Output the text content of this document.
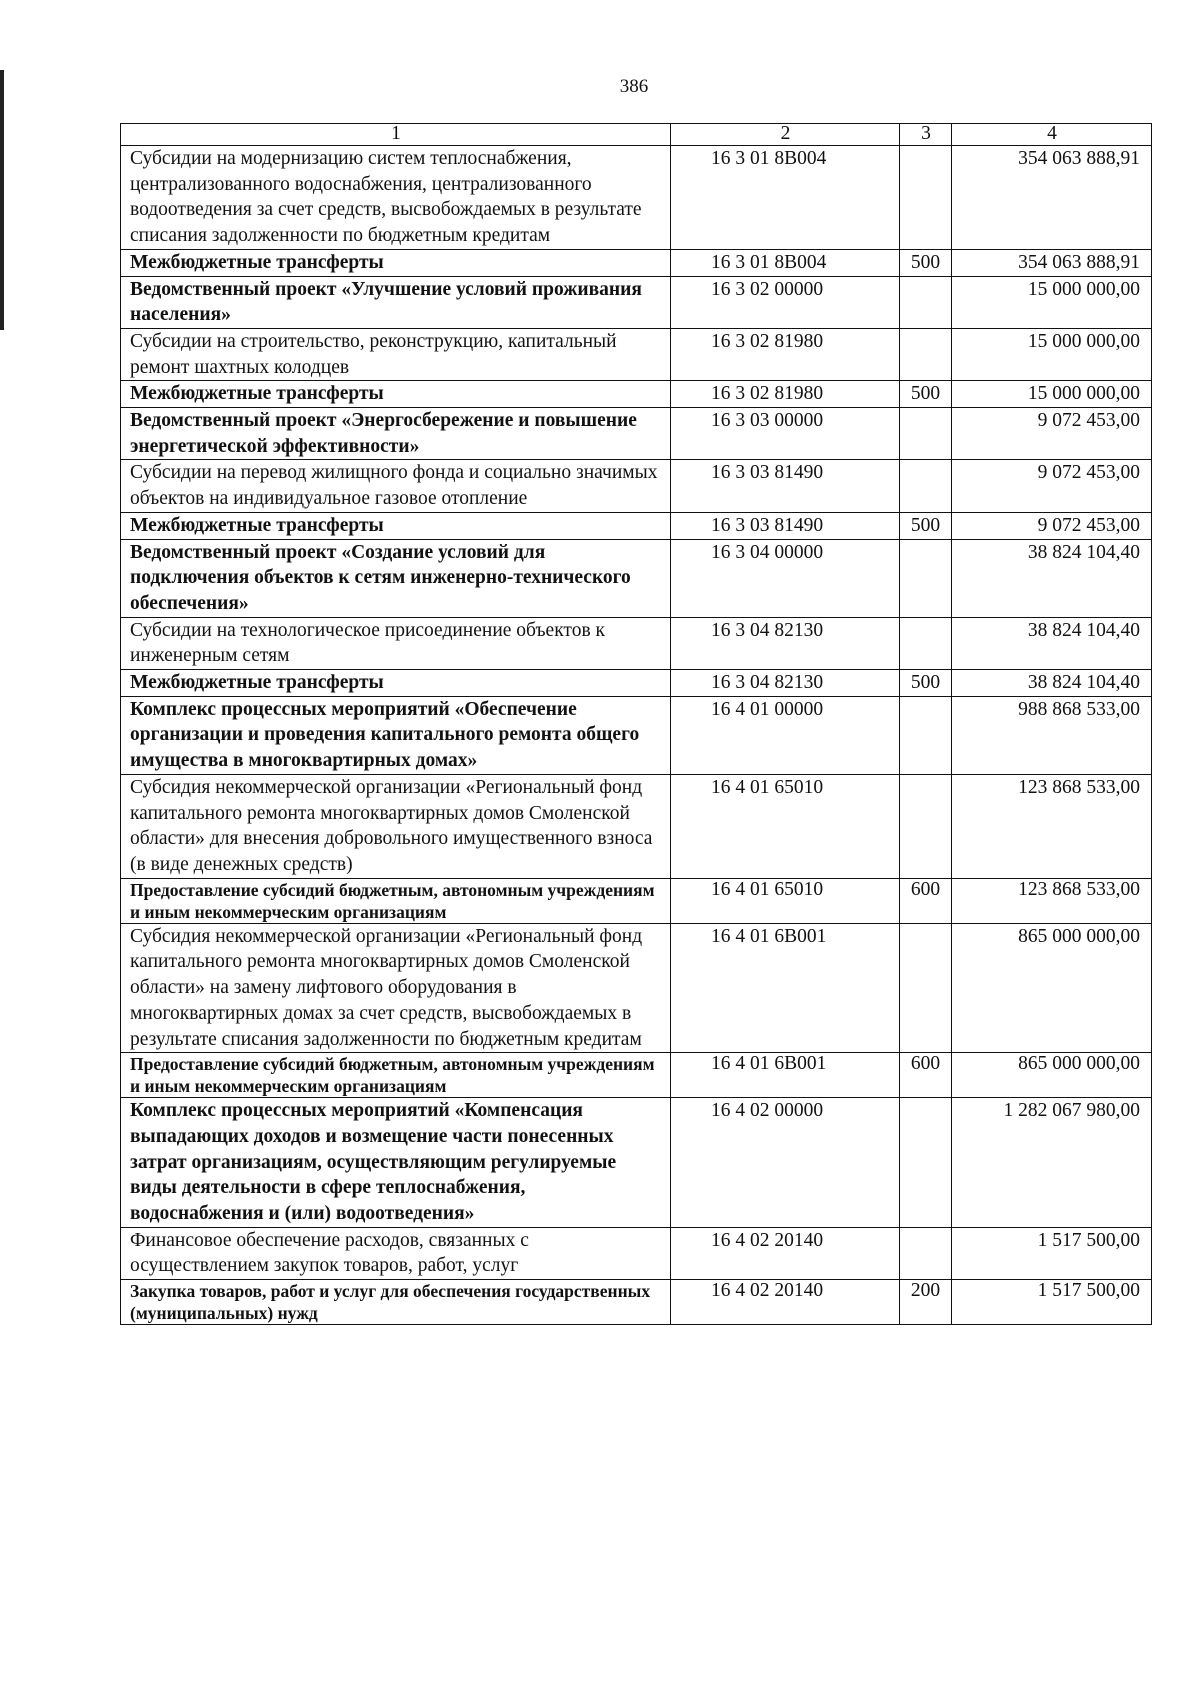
386
1	2	3	4
Субсидии на модернизацию систем теплоснабжения, централизованного водоснабжения, централизованного водоотведения за счет средств, высвобождаемых в результате списания задолженности по бюджетным кредитам	16 3 01 8B004		354 063 888,91
Межбюджетные трансферты	16 3 01 8B004	500	354 063 888,91
Ведомственный проект «Улучшение условий проживания населения»	16 3 02 00000		15 000 000,00
Субсидии на строительство, реконструкцию, капитальный ремонт шахтных колодцев	16 3 02 81980		15 000 000,00
Межбюджетные трансферты	16 3 02 81980	500	15 000 000,00
Ведомственный проект «Энергосбережение и повышение энергетической эффективности»	16 3 03 00000		9 072 453,00
Субсидии на перевод жилищного фонда и социально значимых объектов на индивидуальное газовое отопление	16 3 03 81490		9 072 453,00
Межбюджетные трансферты	16 3 03 81490	500	9 072 453,00
Ведомственный проект «Создание условий для подключения объектов к сетям инженерно-технического обеспечения»	16 3 04 00000		38 824 104,40
Субсидии на технологическое присоединение объектов к инженерным сетям	16 3 04 82130		38 824 104,40
Межбюджетные трансферты	16 3 04 82130	500	38 824 104,40
Комплекс процессных мероприятий «Обеспечение организации и проведения капитального ремонта общего имущества в многоквартирных домах»	16 4 01 00000		988 868 533,00
Субсидия некоммерческой организации «Региональный фонд капитального ремонта многоквартирных домов Смоленской области» для внесения добровольного имущественного взноса (в виде денежных средств)	16 4 01 65010		123 868 533,00
Предоставление субсидий бюджетным, автономным учреждениям и иным некоммерческим организациям	16 4 01 65010	600	123 868 533,00
Субсидия некоммерческой организации «Региональный фонд капитального ремонта многоквартирных домов Смоленской области» на замену лифтового оборудования в многоквартирных домах за счет средств, высвобождаемых в результате списания задолженности по бюджетным кредитам	16 4 01 6B001		865 000 000,00
Предоставление субсидий бюджетным, автономным учреждениям и иным некоммерческим организациям	16 4 01 6B001	600	865 000 000,00
Комплекс процессных мероприятий «Компенсация выпадающих доходов и возмещение части понесенных затрат организациям, осуществляющим регулируемые виды деятельности в сфере теплоснабжения, водоснабжения и (или) водоотведения»	16 4 02 00000		1 282 067 980,00
Финансовое обеспечение расходов, связанных с осуществлением закупок товаров, работ, услуг	16 4 02 20140		1 517 500,00
Закупка товаров, работ и услуг для обеспечения государственных (муниципальных) нужд	16 4 02 20140	200	1 517 500,00
